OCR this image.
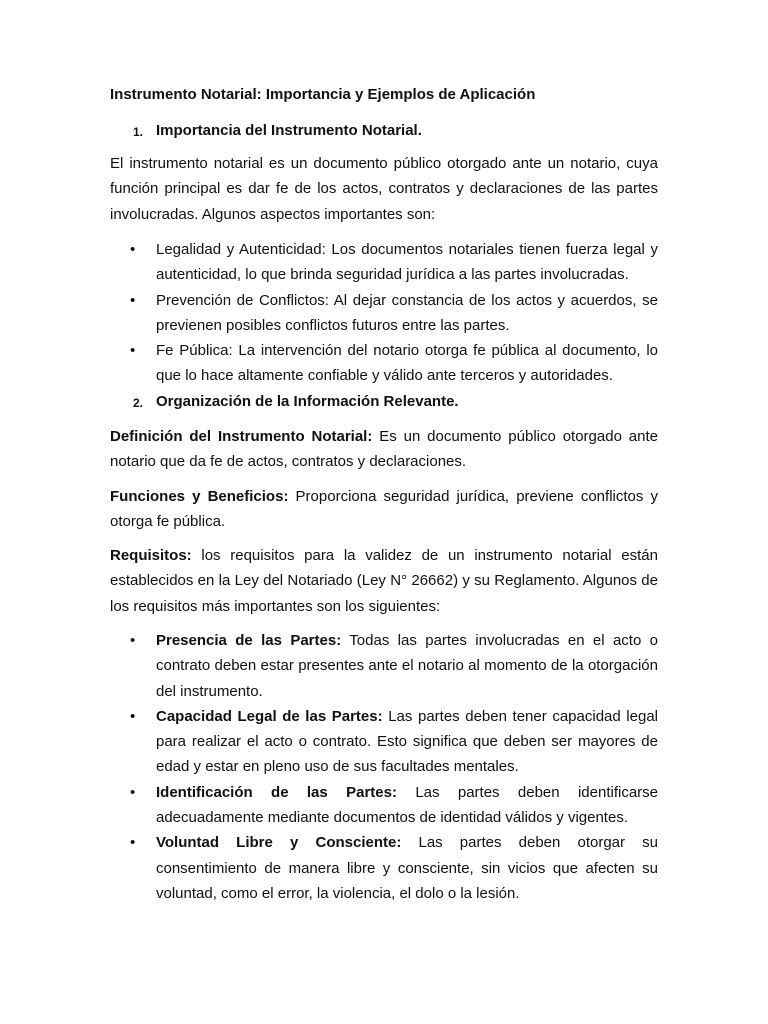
Instrumento Notarial: Importancia y Ejemplos de Aplicación
1. Importancia del Instrumento Notarial.

El instrumento notarial es un documento público otorgado ante un notario, cuya función principal es dar fe de los actos, contratos y declaraciones de las partes involucradas. Algunos aspectos importantes son:

• Legalidad y Autenticidad: Los documentos notariales tienen fuerza legal y autenticidad, lo que brinda seguridad jurídica a las partes involucradas.
• Prevención de Conflictos: Al dejar constancia de los actos y acuerdos, se previenen posibles conflictos futuros entre las partes.
• Fe Pública: La intervención del notario otorga fe pública al documento, lo que lo hace altamente confiable y válido ante terceros y autoridades.
2. Organización de la Información Relevante.

Definición del Instrumento Notarial: Es un documento público otorgado ante notario que da fe de actos, contratos y declaraciones.

Funciones y Beneficios: Proporciona seguridad jurídica, previene conflictos y otorga fe pública.

Requisitos: los requisitos para la validez de un instrumento notarial están establecidos en la Ley del Notariado (Ley N° 26662) y su Reglamento. Algunos de los requisitos más importantes son los siguientes:

• Presencia de las Partes: Todas las partes involucradas en el acto o contrato deben estar presentes ante el notario al momento de la otorgación del instrumento.
• Capacidad Legal de las Partes: Las partes deben tener capacidad legal para realizar el acto o contrato. Esto significa que deben ser mayores de edad y estar en pleno uso de sus facultades mentales.
• Identificación de las Partes: Las partes deben identificarse adecuadamente mediante documentos de identidad válidos y vigentes.
• Voluntad Libre y Consciente: Las partes deben otorgar su consentimiento de manera libre y consciente, sin vicios que afecten su voluntad, como el error, la violencia, el dolo o la lesión.
